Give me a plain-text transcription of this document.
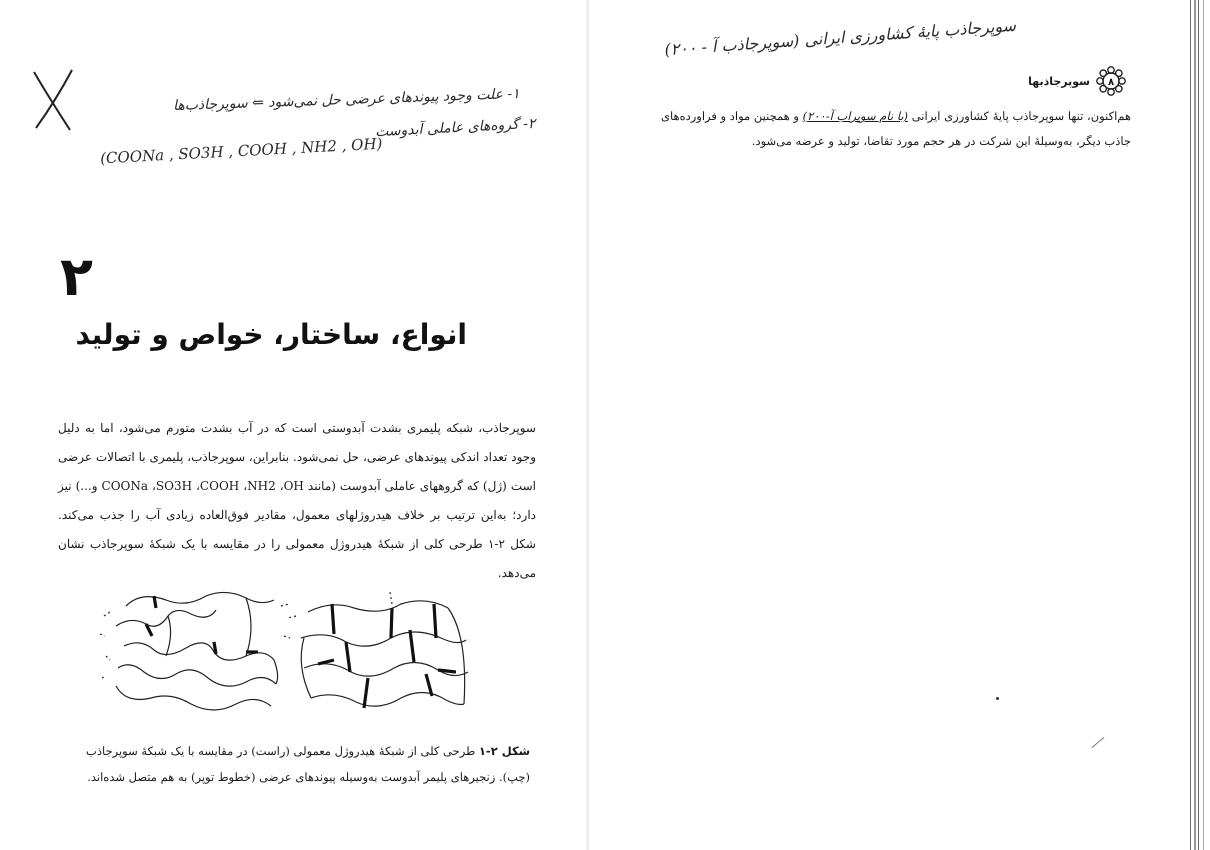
۱- علت وجود پیوندهای عرضی حل نمی‌شود ⇐ سوپرجاذب‌ها
۲- گروه‌های عاملی آبدوست
(COONa , SO3H , COOH , NH2 , OH)
۲
انواع، ساختار، خواص و تولید
سوپرجاذب، شبکه پلیمری بشدت آبدوستی است که در آب بشدت متورم می‌شود، اما به دلیل وجود تعداد اندکی پیوندهای عرضی، حل نمی‌شود. بنابراین، سوپرجاذب، پلیمری با اتصالات عرضی است (ژل) که گروههای عاملی آبدوست (مانند COONa ،SO3H ،COOH ،NH2 ،OH و...) نیز دارد؛ به‌این ترتیب بر خلاف هیدروژلهای معمول، مقادیر فوق‌العاده زیادی آب را جذب می‌کند. شکل ۲-۱ طرحی کلی از شبکهٔ هیدروژل معمولی را در مقایسه با یک شبکهٔ سوپرجاذب نشان می‌دهد.
شکل ۲-۱ طرحی کلی از شبکهٔ هیدروژل معمولی (راست) در مقایسه با یک شبکهٔ سوپرجاذب (چپ). زنجیرهای پلیمر آبدوست به‌وسیله پیوندهای عرضی (خطوط توپر) به هم متصل شده‌اند.
سوپرجاذب پایهٔ کشاورزی ایرانی (سوپرجاذب آ - ۲۰۰)
۸
سوپرجاذبها
هم‌اکنون، تنها سوپرجاذب پایهٔ کشاورزی ایرانی (با نام سوپراب آ-۲۰۰) و همچنین مواد و فراورده‌های جاذب دیگر، به‌وسیلهٔ این شرکت در هر حجم مورد تقاضا، تولید و عرضه می‌شود.
